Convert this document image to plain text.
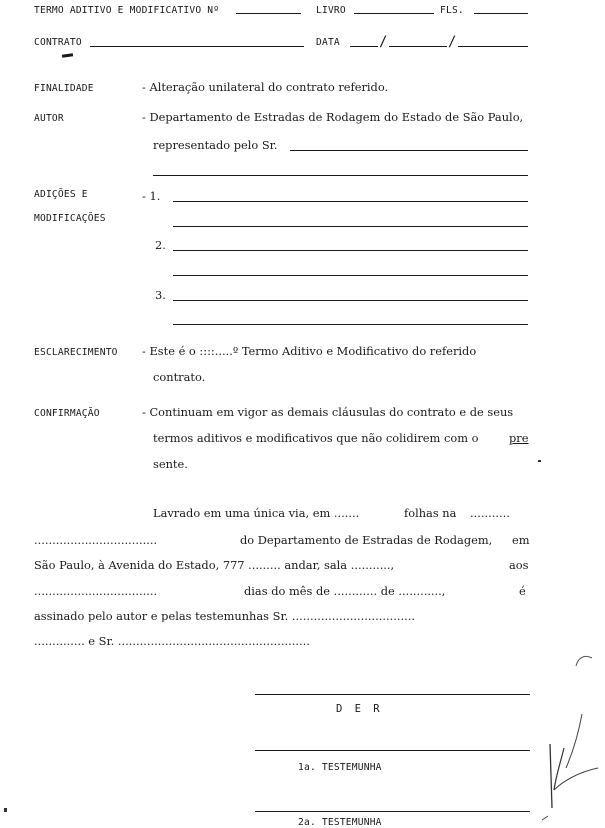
TERMO ADITIVO E MODIFICATIVO Nº	LIVRO	FLS.
CONTRATO	DATA	/	/
FINALIDADE	- Alteração unilateral do contrato referido.
AUTOR	- Departamento de Estradas de Rodagem do Estado de São Paulo,
representado pelo Sr.
ADIÇÕES E
MODIFICAÇÕES
- 1.
2.
3.
ESCLARECIMENTO - Este é o ::::.....º Termo Aditivo e Modificativo do referido
contrato.
CONFIRMAÇÃO	- Continuam em vigor as demais cláusulas do contrato e de seus
termos aditivos e modificativos que não colidirem com o	pre
sente.
Lavrado em uma única via, em .......	folhas na ...........
..................................	do Departamento de Estradas de Rodagem, em
São Paulo, à Avenida do Estado, 777 ......... andar, sala ...........,	aos
..................................	dias do mês de ............ de ............,	é
assinado pelo autor e pelas testemunhas Sr. ..................................
.............. e Sr. .....................................................
D E R
1a. TESTEMUNHA
2a. TESTEMUNHA
